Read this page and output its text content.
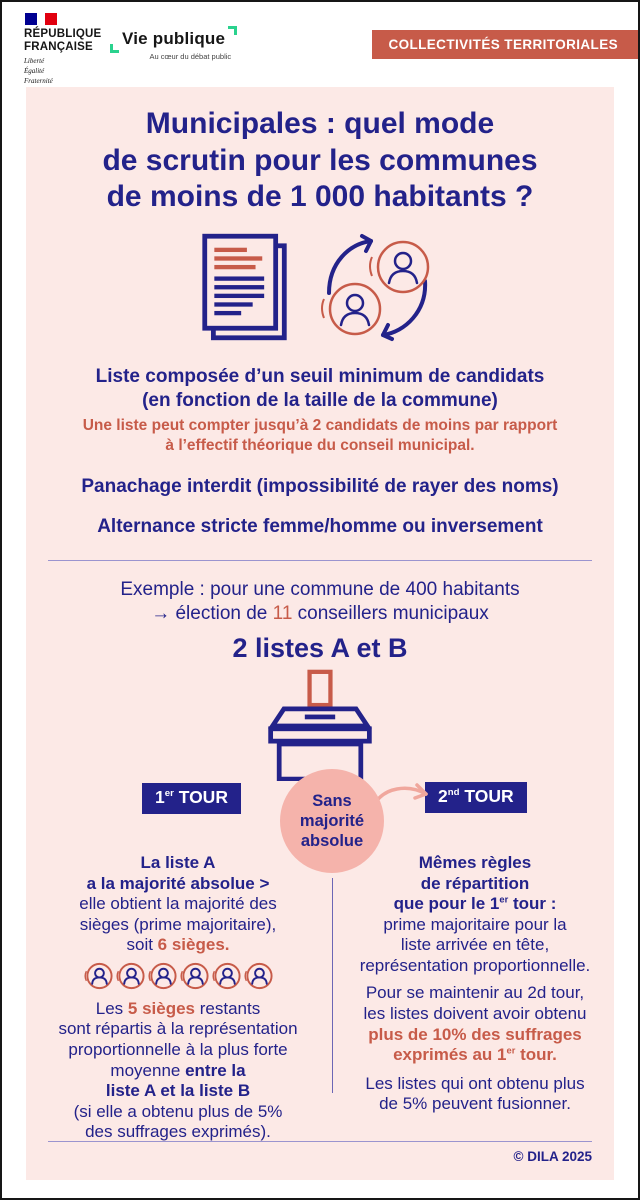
RÉPUBLIQUE
FRANÇAISE
Liberté
Égalité
Fraternité
Vie publique
Au cœur du débat public
COLLECTIVITÉS TERRITORIALES
Municipales : quel mode
de scrutin pour les communes
de moins de 1 000 habitants ?
Liste composée d’un seuil minimum de candidats
(en fonction de la taille de la commune)

Une liste peut compter jusqu’à 2 candidats de moins par rapport
à l’effectif théorique du conseil municipal.

Panachage interdit (impossibilité de rayer des noms)
Alternance stricte femme/homme ou inversement

Exemple : pour une commune de 400 habitants
→ élection de 11 conseillers municipaux

2 listes A et B
1er TOUR	2nd TOUR
Sans
majorité
absolue

La liste A
a la majorité absolue >
elle obtient la majorité des
sièges (prime majoritaire),
soit 6 sièges.

Les 5 sièges restants
sont répartis à la représentation
proportionnelle à la plus forte
moyenne entre la
liste A et la liste B
(si elle a obtenu plus de 5%
des suffrages exprimés).

Mêmes règles
de répartition
que pour le 1er tour :
prime majoritaire pour la
liste arrivée en tête,
représentation proportionnelle.

Pour se maintenir au 2d tour,
les listes doivent avoir obtenu
plus de 10% des suffrages
exprimés au 1er tour.

Les listes qui ont obtenu plus
de 5% peuvent fusionner.

© DILA 2025
